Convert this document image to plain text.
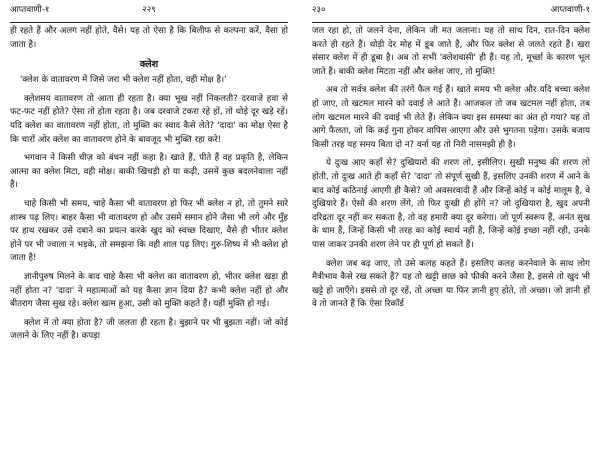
आप्तवाणी-१	२२९

ही रहते हैं और अलग नहीं होते, वैसे। यह तो ऐसा है कि बिलीफ से कल्पना करें, वैसा हो जाता है।

क्लेश

'क्लेश के वातावरण में जिसे जरा भी क्लेश नहीं होता, वही मोक्ष है।'

क्लेशमय वातावरण तो आता ही रहता है। क्या भूख नहीं निकलती? दरवाजे हवा से फट-फट नहीं होते? ऐसा तो होता रहता है। जब दरवाजे टकरा रहे हों, तो थोड़े दूर खड़े रहें। यदि क्लेश का वातावरण नहीं होता, तो मुक्ति का स्वाद कैसे लेते? 'दादा' का मोक्ष ऐसा है कि चारों ओर क्लेश का वातावरण होने के बावजूद भी मुक्ति रहा करे!

भगवान ने किसी चीज़ को बंधन नहीं कहा है। खाते हैं, पीते हैं वह प्रकृति है, लेकिन आत्मा का क्लेश मिटा, वही मोक्ष। बाकी खिचड़ी हो या कढ़ी, उसमें कुछ बदलनेवाला नहीं है।

चाहे किसी भी समय, चाहे कैसा भी वातावरण हो फिर भी क्लेश न हो, तो तुमने सारे शास्त्र पढ़ लिए। बाहर कैसा भी वातावरण हो और उसमें समान होने जैसा भी लगे और मुँह पर हाथ रखकर उसे दबाने का प्रयत्न करके खुद को स्वच्छ दिखाए, वैसे ही भीतर क्लेश होने पर भी ज्वाला न भड़के, तो समझना कि वही शाल पढ़ लिए। गुरु-शिष्य में भी क्लेश हो जाता है!

ज्ञानीपुरुष मिलने के बाद चाहे कैसा भी क्लेश का वातावरण हो, भीतर क्लेश खड़ा ही नहीं होता न? 'दादा' ने महात्माओं को यह कैसा ज्ञान दिया है? कभी क्लेश नहीं हो और बीतराग जैसा सुख रहे। क्लेश खत्म हुआ, उसी को मुक्ति कहते हैं। यहीं मुक्ति हो गई।

क्लेश में तो क्या होता है? जी जलता ही रहता है। बुझाने पर भी बुझता नहीं। जो कोई जलाने के लिए नहीं है। कपड़ा

२३०	आप्तवाणी-१

जल रहा हो, तो जलने देना, लेकिन जी मत जलाना। यह तो साथ दिन, रात-दिन क्लेश करते ही रहते हैं। थोड़ी देर मोह में डूब जाते हैं, और फिर क्लेश से जलते रहते हैं। खरा संसार क्लेश में ही डूबा है। अब तो सभी 'क्लेशवासी' ही हैं। यह तो, मूर्च्छा के कारण भूल जाते हैं। बाकी क्लेश मिटता नहीं और क्लेश जाए, तो मुक्ति!

अब तो सर्वत्र क्लेश की तरंगें फैल गई हैं। खाते समय भी क्लेश और यदि बच्चा क्लेश हो जाए, तो खटमल मारने को दवाई ले आते हैं। आजकल तो जब खटमल नहीं होता, तब लोग खटमल मारने की दवाई भी लेते हैं। लेकिन क्या इस समस्या का अंत हो गया? यह तो आगे फैलता, जो कि कई गुना होकर वापिस आएगा और उसे भुगतना पड़ेगा। उसके बजाय किसी तरह यह समय बिता दो न? वर्ना यह तो निरी नासमझी ही है।

ये दुःख आए कहाँ से? दुखियारों की शरण लो, इसीलिए। सुखी मनुष्य की शरण लो होती, तो दुःख आते ही कहाँ से? 'दादा' तो संपूर्ण सुखी हैं, इसलिए उनकी शरण में आने के बाद कोई कठिनाई आएगी ही कैसे? जो अवसरवादी हैं और जिन्हें कोई न कोई मालूम है, वे दुखियारे हैं। ऐसों की शरण लेंगे, तो फिर दुःखी ही होंगे न? जो दुखियारा है, खुद अपनी दरिद्रता दूर नहीं कर सकता है, तो वह हमारी क्या दूर करेगा। जो पूर्ण स्वरूप हैं, अनंत सुख के धाम हैं, जिन्हें किसी भी तरह का कोई स्वार्थ नहीं है, जिन्हें कोई इच्छा नहीं रही, उनके पास जाकर उनकी शरण लेने पर ही पूर्ण हो सकते हैं।

क्लेश जब बढ़ जाए, तो उसे कलह कहते हैं। इसलिए कलह करनेवाले के साथ लोग मैत्रीभाव कैसे रख सकते हैं? यह तो खट्टी छाछ को फीकी करने जैसा है, इससे तो खुद भी खट्टे हो जाएँगे। इससे तो दूर रहें, तो अच्छा या फिर ज्ञानी हुए होते, तो अच्छा। जो ज्ञानी हों वे तो जानते हैं कि ऐसा रिकॉर्ड
